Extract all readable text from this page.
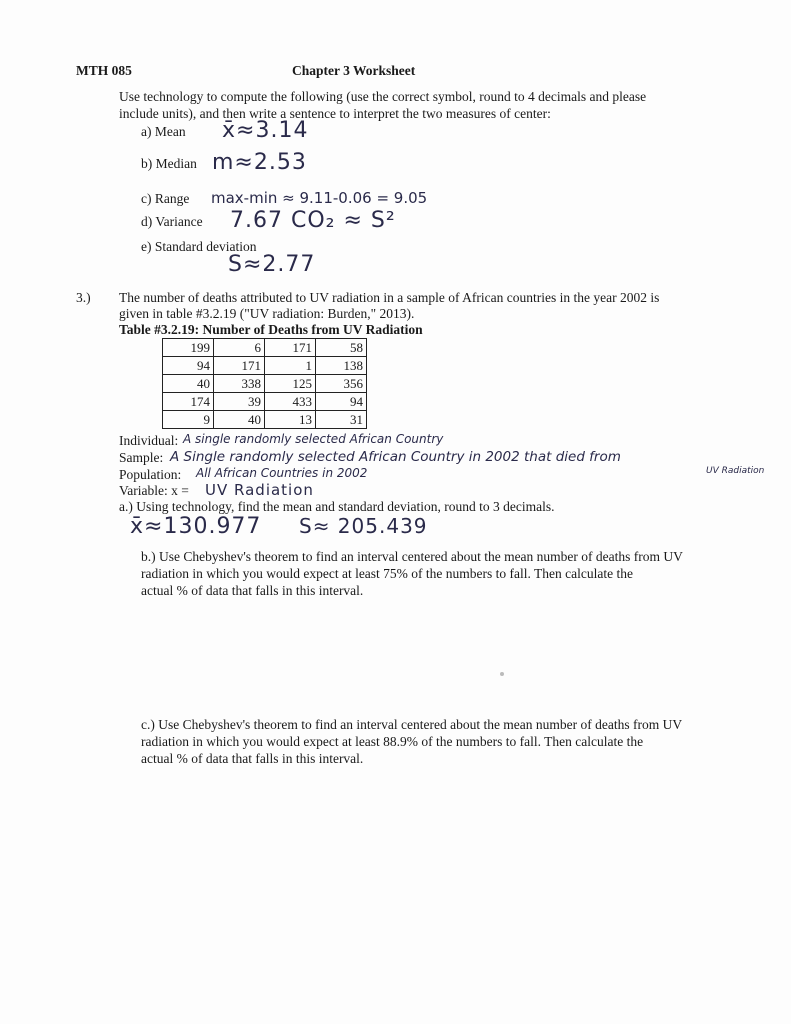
MTH 085	Chapter 3 Worksheet
Use technology to compute the following (use the correct symbol, round to 4 decimals and please
include units), and then write a sentence to interpret the two measures of center:
a) Mean x̄≈3.14
b) Median m≈2.53
c) Range max-min ≈ 9.11-0.06 = 9.05
d) Variance 7.67 CO₂ ≈ S²
e) Standard deviation
S≈2.77
3.) The number of deaths attributed to UV radiation in a sample of African countries in the year 2002 is
given in table #3.2.19 ("UV radiation: Burden," 2013).
Table #3.2.19: Number of Deaths from UV Radiation
199	6	171	58
94	171	1	138
40	338	125	356
174	39	433	94
9	40	13	31
Individual: A single randomly selected African Country
Sample: A Single randomly selected African Country in 2002 that died from
UV Radiation
Population: All African Countries in 2002
Variable: x = UV Radiation
a.) Using technology, find the mean and standard deviation, round to 3 decimals.
x̄≈130.977 S≈ 205.439
b.) Use Chebyshev's theorem to find an interval centered about the mean number of deaths from UV
radiation in which you would expect at least 75% of the numbers to fall. Then calculate the
actual % of data that falls in this interval.
c.) Use Chebyshev's theorem to find an interval centered about the mean number of deaths from UV
radiation in which you would expect at least 88.9% of the numbers to fall. Then calculate the
actual % of data that falls in this interval.
